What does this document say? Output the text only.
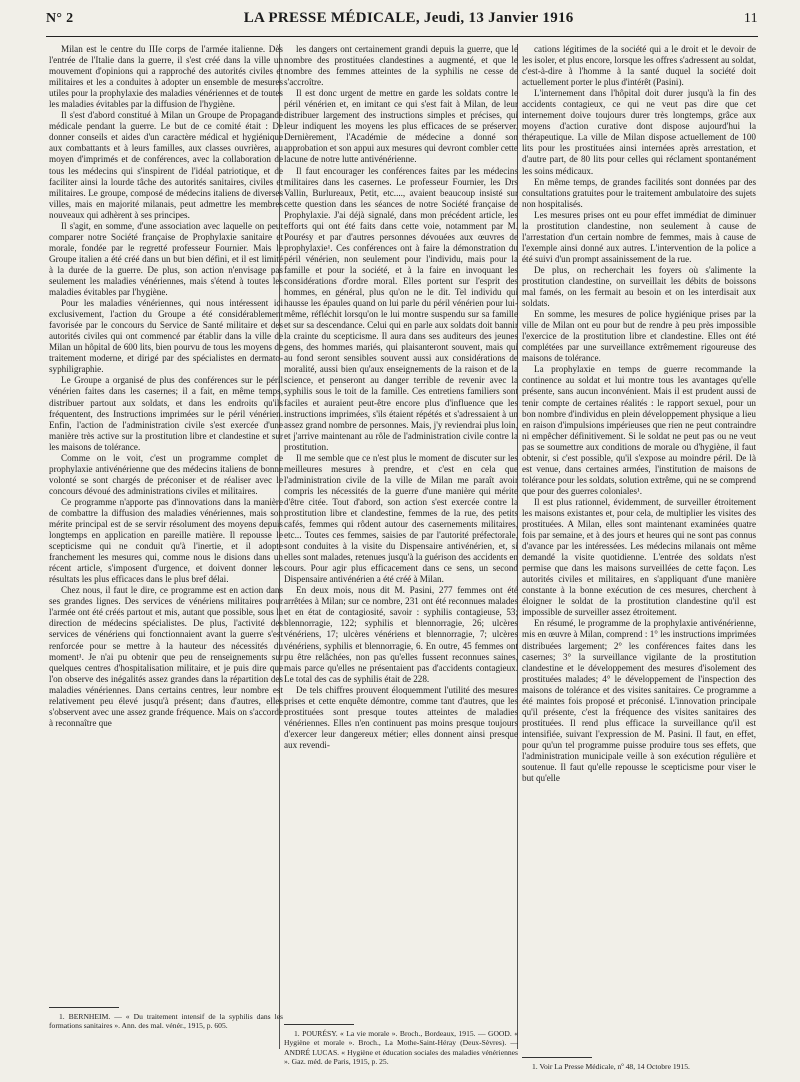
N° 2	LA PRESSE MÉDICALE, Jeudi, 13 Janvier 1916	11

Milan est le centre du IIIe corps de l'armée italienne. Dès l'entrée de l'Italie dans la guerre, il s'est créé dans la ville un mouvement d'opinions qui a rapproché des autorités civiles et militaires et les a conduites à adopter un ensemble de mesures utiles pour la prophylaxie des maladies vénériennes et de toutes les maladies évitables par la diffusion de l'hygiène.

Il s'est d'abord constitué à Milan un Groupe de Propagande médicale pendant la guerre. Le but de ce comité était : De donner conseils et aides d'un caractère médical et hygiénique aux combattants et à leurs familles, aux classes ouvrières, au moyen d'imprimés et de conférences, avec la collaboration de tous les médecins qui s'inspirent de l'idéal patriotique, et de faciliter ainsi la lourde tâche des autorités sanitaires, civiles et militaires. Le groupe, composé de médecins italiens de diverses villes, mais en majorité milanais, peut admettre les membres nouveaux qui adhèrent à ses principes.

Il s'agit, en somme, d'une association avec laquelle on peut comparer notre Société française de Prophylaxie sanitaire et morale, fondée par le regretté professeur Fournier. Mais le Groupe italien a été créé dans un but bien défini, et il est limité à la durée de la guerre. De plus, son action n'envisage pas seulement les maladies vénériennes, mais s'étend à toutes les maladies évitables par l'hygiène.

Pour les maladies vénériennes, qui nous intéressent ici exclusivement, l'action du Groupe a été considérablement favorisée par le concours du Service de Santé militaire et des autorités civiles qui ont commencé par établir dans la ville de Milan un hôpital de 600 lits, bien pourvu de tous les moyens de traitement moderne, et dirigé par des spécialistes en dermato-syphiligraphie.

Le Groupe a organisé de plus des conférences sur le péril vénérien faites dans les casernes; il a fait, en même temps, distribuer partout aux soldats, et dans les endroits qu'ils fréquentent, des Instructions imprimées sur le péril vénérien. Enfin, l'action de l'administration civile s'est exercée d'une manière très active sur la prostitution libre et clandestine et sur les maisons de tolérance.

Comme on le voit, c'est un programme complet de prophylaxie antivénérienne que des médecins italiens de bonne volonté se sont chargés de préconiser et de réaliser avec le concours dévoué des administrations civiles et militaires.

Ce programme n'apporte pas d'innovations dans la manière de combattre la diffusion des maladies vénériennes, mais son mérite principal est de se servir résolument des moyens depuis longtemps en application en pareille matière. Il repousse le scepticisme qui ne conduit qu'à l'inertie, et il adopte franchement les mesures qui, comme nous le disions dans un récent article, s'imposent d'urgence, et doivent donner les résultats les plus efficaces dans le plus bref délai.

Chez nous, il faut le dire, ce programme est en action dans ses grandes lignes. Des services de vénériens militaires pour l'armée ont été créés partout et mis, autant que possible, sous la direction de médecins spécialistes. De plus, l'activité des services de vénériens qui fonctionnaient avant la guerre s'est renforcée pour se mettre à la hauteur des nécessités du moment¹. Je n'ai pu obtenir que peu de renseignements sur quelques centres d'hospitalisation militaire, et je puis dire que l'on observe des inégalités assez grandes dans la répartition des maladies vénériennes. Dans certains centres, leur nombre est relativement peu élevé jusqu'à présent; dans d'autres, elles s'observent avec une assez grande fréquence. Mais on s'accorde à reconnaître que

les dangers ont certainement grandi depuis la guerre, que le nombre des prostituées clandestines a augmenté, et que le nombre des femmes atteintes de la syphilis ne cesse de s'accroître.

Il est donc urgent de mettre en garde les soldats contre le péril vénérien et, en imitant ce qui s'est fait à Milan, de leur distribuer largement des instructions simples et précises, qui leur indiquent les moyens les plus efficaces de se préserver. Dernièrement, l'Académie de médecine a donné son approbation et son appui aux mesures qui devront combler cette lacune de notre lutte antivénérienne.

Il faut encourager les conférences faites par les médecins militaires dans les casernes. Le professeur Fournier, les Drs Vallin, Burlureaux, Petit, etc...., avaient beaucoup insisté sur cette question dans les séances de notre Société française de Prophylaxie. J'ai déjà signalé, dans mon précédent article, les efforts qui ont été faits dans cette voie, notamment par M. Pourésy et par d'autres personnes dévouées aux œuvres de prophylaxie¹. Ces conférences ont à faire la démonstration du péril vénérien, non seulement pour l'individu, mais pour la famille et pour la société, et à la faire en invoquant les considérations d'ordre moral. Elles portent sur l'esprit des hommes, en général, plus qu'on ne le dit. Tel individu qui hausse les épaules quand on lui parle du péril vénérien pour lui-même, réfléchit lorsqu'on le lui montre suspendu sur sa famille et sur sa descendance. Celui qui en parle aux soldats doit bannir la crainte du scepticisme. Il aura dans ses auditeurs des jeunes gens, des hommes mariés, qui plaisanteront souvent, mais qui au fond seront sensibles souvent aussi aux considérations de moralité, aussi bien qu'aux enseignements de la raison et de la science, et penseront au danger terrible de revenir avec la syphilis sous le toit de la famille. Ces entretiens familiers sont faciles et auraient peut-être encore plus d'influence que les instructions imprimées, s'ils étaient répétés et s'adressaient à un assez grand nombre de personnes. Mais, j'y reviendrai plus loin, et j'arrive maintenant au rôle de l'administration civile contre la prostitution.

Il me semble que ce n'est plus le moment de discuter sur les meilleures mesures à prendre, et c'est en cela que l'administration civile de la ville de Milan me paraît avoir compris les nécessités de la guerre d'une manière qui mérite d'être citée. Tout d'abord, son action s'est exercée contre la prostitution libre et clandestine, femmes de la rue, des petits cafés, femmes qui rôdent autour des casernements militaires, etc... Toutes ces femmes, saisies de par l'autorité préfectorale, sont conduites à la visite du Dispensaire antivénérien, et, si elles sont malades, retenues jusqu'à la guérison des accidents en cours. Pour agir plus efficacement dans ce sens, un second Dispensaire antivénérien a été créé à Milan.

En deux mois, nous dit M. Pasini, 277 femmes ont été arrêtées à Milan; sur ce nombre, 231 ont été reconnues malades et en état de contagiosité, savoir : syphilis contagieuse, 53; blennorragie, 122; syphilis et blennorragie, 26; ulcères vénériens, 17; ulcères vénériens et blennorragie, 7; ulcères vénériens, syphilis et blennorragie, 6. En outre, 45 femmes ont pu être relâchées, non pas qu'elles fussent reconnues saines, mais parce qu'elles ne présentaient pas d'accidents contagieux. Le total des cas de syphilis était de 228.

De tels chiffres prouvent éloquemment l'utilité des mesures prises et cette enquête démontre, comme tant d'autres, que les prostituées sont presque toutes atteintes de maladies vénériennes. Elles n'en continuent pas moins presque toujours d'exercer leur dangereux métier; elles donnent ainsi presque aux revendi-

cations légitimes de la société qui a le droit et le devoir de les isoler, et plus encore, lorsque les offres s'adressent au soldat, c'est-à-dire à l'homme à la santé duquel la société doit actuellement porter le plus d'intérêt (Pasini).

L'internement dans l'hôpital doit durer jusqu'à la fin des accidents contagieux, ce qui ne veut pas dire que cet internement doive toujours durer très longtemps, grâce aux moyens d'action curative dont dispose aujourd'hui la thérapeutique. La ville de Milan dispose actuellement de 100 lits pour les prostituées ainsi internées après arrestation, et d'autre part, de 80 lits pour celles qui réclament spontanément les soins médicaux.

En même temps, de grandes facilités sont données par des consultations gratuites pour le traitement ambulatoire des sujets non hospitalisés.

Les mesures prises ont eu pour effet immédiat de diminuer la prostitution clandestine, non seulement à cause de l'arrestation d'un certain nombre de femmes, mais à cause de l'exemple ainsi donné aux autres. L'intervention de la police a été suivi d'un prompt assainissement de la rue.

De plus, on recherchait les foyers où s'alimente la prostitution clandestine, on surveillait les débits de boissons mal famés, on les fermait au besoin et on les interdisait aux soldats.

En somme, les mesures de police hygiénique prises par la ville de Milan ont eu pour but de rendre à peu près impossible l'exercice de la prostitution libre et clandestine. Elles ont été complétées par une surveillance extrêmement rigoureuse des maisons de tolérance.

La prophylaxie en temps de guerre recommande la continence au soldat et lui montre tous les avantages qu'elle présente, sans aucun inconvénient. Mais il est prudent aussi de tenir compte de certaines réalités : le rapport sexuel, pour un bon nombre d'individus en plein développement physique a lieu en raison d'impulsions impérieuses que rien ne peut contraindre ni empêcher définitivement. Si le soldat ne peut pas ou ne veut pas se soumettre aux conditions de morale ou d'hygiène, il faut obtenir, si c'est possible, qu'il s'expose au moindre péril. De là est venue, dans certaines armées, l'institution de maisons de tolérance pour les soldats, solution extrême, qui ne se comprend que pour des guerres coloniales¹.

Il est plus rationnel, évidemment, de surveiller étroitement les maisons existantes et, pour cela, de multiplier les visites des prostituées. A Milan, elles sont maintenant examinées quatre fois par semaine, et à des jours et heures qui ne sont pas connus d'avance par les intéressées. Les médecins milanais ont même demandé la visite quotidienne. L'entrée des soldats n'est permise que dans les maisons surveillées de cette façon. Les autorités civiles et militaires, en s'appliquant d'une manière constante à la bonne exécution de ces mesures, cherchent à éloigner le soldat de la prostitution clandestine qu'il est impossible de surveiller assez étroitement.

En résumé, le programme de la prophylaxie antivénérienne, mis en œuvre à Milan, comprend : 1° les instructions imprimées distribuées largement; 2° les conférences faites dans les casernes; 3° la surveillance vigilante de la prostitution clandestine et le développement des mesures d'isolement des prostituées malades; 4° le développement de l'inspection des maisons de tolérance et des visites sanitaires. Ce programme a été maintes fois proposé et préconisé. L'innovation principale qu'il présente, c'est la fréquence des visites sanitaires des prostituées. Il rend plus efficace la surveillance qu'il est intensifiée, suivant l'expression de M. Pasini. Il faut, en effet, pour qu'un tel programme puisse produire tous ses effets, que l'administration municipale veille à son exécution régulière et soutenue. Il faut qu'elle repousse le scepticisme pour viser le but qu'elle

1. BERNHEIM. — « Du traitement intensif de la syphilis dans les formations sanitaires ». Ann. des mal. vénér., 1915, p. 605.

1. POURÉSY. « La vie morale ». Broch., Bordeaux, 1915. — GOOD. « Hygiène et morale ». Broch., La Mothe-Saint-Héray (Deux-Sèvres). — ANDRÉ LUCAS. « Hygiène et éducation sociales des maladies vénériennes ». Gaz. méd. de Paris, 1915, p. 25.

1. Voir La Presse Médicale, nº 48, 14 Octobre 1915.
